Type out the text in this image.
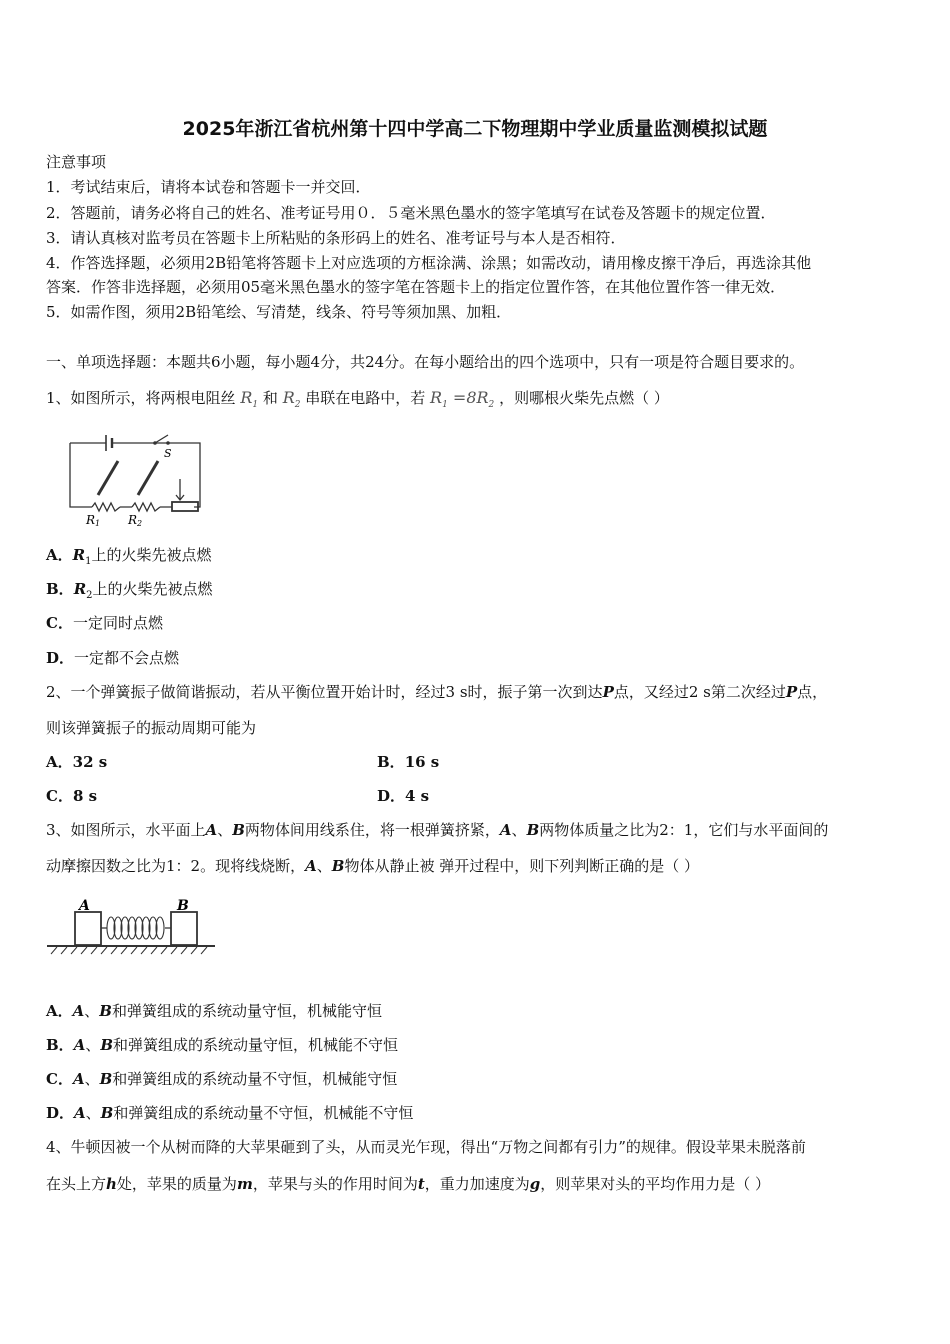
2025年浙江省杭州第十四中学高二下物理期中学业质量监测模拟试题
注意事项
1．考试结束后，请将本试卷和答题卡一并交回．
2．答题前，请务必将自己的姓名、准考证号用０．５毫米黑色墨水的签字笔填写在试卷及答题卡的规定位置．
3．请认真核对监考员在答题卡上所粘贴的条形码上的姓名、准考证号与本人是否相符．
4．作答选择题，必须用2B铅笔将答题卡上对应选项的方框涂满、涂黑；如需改动，请用橡皮擦干净后，再选涂其他
答案．作答非选择题，必须用05毫米黑色墨水的签字笔在答题卡上的指定位置作答，在其他位置作答一律无效．
5．如需作图，须用2B铅笔绘、写清楚，线条、符号等须加黑、加粗．
一、单项选择题：本题共6小题，每小题4分，共24分。在每小题给出的四个选项中，只有一项是符合题目要求的。
1、如图所示，将两根电阻丝 $R_1$ 和 $R_2$ 串联在电路中，若 $R_1 =8R_2$ ，则哪根火柴先点燃（ ）
S
R1 R2
A．$R_1$上的火柴先被点燃
B．$R_2$上的火柴先被点燃
C．一定同时点燃
D．一定都不会点燃
2、一个弹簧振子做简谐振动，若从平衡位置开始计时，经过3 s时，振子第一次到达P点，又经过2 s第二次经过P点，
则该弹簧振子的振动周期可能为
A．32 s	B．16 s
C．8 s	D．4 s
3、如图所示，水平面上A、B两物体间用线系住，将一根弹簧挤紧，A、B两物体质量之比为2：1，它们与水平面间的
动摩擦因数之比为1：2。现将线烧断，A、B物体从静止被 弹开过程中，则下列判断正确的是（ ）
A	B
A．A、B和弹簧组成的系统动量守恒，机械能守恒
B．A、B和弹簧组成的系统动量守恒，机械能不守恒
C．A、B和弹簧组成的系统动量不守恒，机械能守恒
D．A、B和弹簧组成的系统动量不守恒，机械能不守恒
4、牛顿因被一个从树而降的大苹果砸到了头，从而灵光乍现，得出“万物之间都有引力”的规律。假设苹果未脱落前
在头上方h处，苹果的质量为m，苹果与头的作用时间为t，重力加速度为g，则苹果对头的平均作用力是（ ）
